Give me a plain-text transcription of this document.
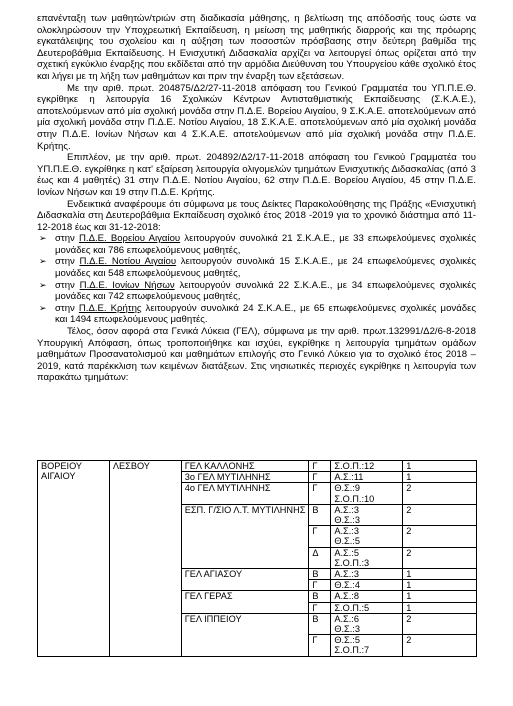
επανένταξη των μαθητών/τριών στη διαδικασία μάθησης, η βελτίωση της απόδοσής τους ώστε να ολοκληρώσουν την Υποχρεωτική Εκπαίδευση, η μείωση της μαθητικής διαρροής και της πρόωρης εγκατάλειψης του σχολείου και η αύξηση των ποσοστών πρόσβασης στην δεύτερη βαθμίδα της Δευτεροβάθμια Εκπαίδευσης. Η Ενισχυτική Διδασκαλία αρχίζει να λειτουργεί όπως ορίζεται από την σχετική εγκύκλιο έναρξης που εκδίδεται από την αρμόδια Διεύθυνση του Υπουργείου κάθε σχολικό έτος και λήγει με τη λήξη των μαθημάτων και πριν την έναρξη των εξετάσεων.

Με την αριθ. πρωτ. 204875/Δ2/27-11-2018 απόφαση του Γενικού Γραμματέα του ΥΠ.Π.Ε.Θ. εγκρίθηκε η λειτουργία 16 Σχολικών Κέντρων Αντισταθμιστικής Εκπαίδευσης (Σ.Κ.Α.Ε.), αποτελούμενων από μία σχολική μονάδα στην Π.Δ.Ε. Βορείου Αιγαίου, 9 Σ.Κ.Α.Ε. αποτελούμενων από μία σχολική μονάδα στην Π.Δ.Ε. Νοτίου Αιγαίου, 18 Σ.Κ.Α.Ε. αποτελούμενων από μία σχολική μονάδα στην Π.Δ.Ε. Ιονίων Νήσων και 4 Σ.Κ.Α.Ε. αποτελούμενων από μία σχολική μονάδα στην Π.Δ.Ε. Κρήτης.

Επιπλέον, με την αριθ. πρωτ. 204892/Δ2/17-11-2018 απόφαση του Γενικού Γραμματέα του ΥΠ.Π.Ε.Θ. εγκρίθηκε η κατ' εξαίρεση λειτουργία ολιγομελών τμημάτων Ενισχυτικής Διδασκαλίας (από 3 έως και 4 μαθητές) 31 στην Π.Δ.Ε. Νοτίου Αιγαίου, 62 στην Π.Δ.Ε. Βορείου Αιγαίου, 45 στην Π.Δ.Ε. Ιονίων Νήσων και 19 στην Π.Δ.Ε. Κρήτης.

Ενδεικτικά αναφέρουμε ότι σύμφωνα με τους Δείκτες Παρακολούθησης της Πράξης «Ενισχυτική Διδασκαλία στη Δευτεροβάθμια Εκπαίδευση σχολικό έτος 2018 -2019 για το χρονικό διάστημα από 11-12-2018 έως και 31-12-2018:

➢ στην Π.Δ.Ε. Βορείου Αιγαίου λειτουργούν συνολικά 21 Σ.Κ.Α.Ε., με 33 επωφελούμενες σχολικές μονάδες και 786 επωφελούμενους μαθητές,
➢ στην Π.Δ.Ε. Νοτίου Αιγαίου λειτουργούν συνολικά 15 Σ.Κ.Α.Ε., με 24 επωφελούμενες σχολικές μονάδες και 548 επωφελούμενους μαθητές,
➢ στην Π.Δ.Ε. Ιονίων Νήσων λειτουργούν συνολικά 22 Σ.Κ.Α.Ε., με 34 επωφελούμενες σχολικές μονάδες και 742 επωφελούμενους μαθητές,
➢ στην Π.Δ.Ε. Κρήτης λειτουργούν συνολικά 24 Σ.Κ.Α.Ε., με 65 επωφελούμενες σχολικές μονάδες και 1494 επωφελούμενους μαθητές.

Τέλος, όσον αφορά στα Γενικά Λύκεια (ΓΕΛ), σύμφωνα με την αριθ. πρωτ.132991/Δ2/6-8-2018 Υπουργική Απόφαση, όπως τροποποιήθηκε και ισχύει, εγκρίθηκε η λειτουργία τμημάτων ομάδων μαθημάτων Προσανατολισμού και μαθημάτων επιλογής στο Γενικό Λύκειο για το σχολικό έτος 2018 – 2019, κατά παρέκκλιση των κειμένων διατάξεων. Στις νησιωτικές περιοχές εγκρίθηκε η λειτουργία των παρακάτω τμημάτων:

ΒΟΡΕΙΟΥ ΑΙΓΑΙΟΥ	ΛΕΣΒΟΥ	ΓΕΛ ΚΑΛΛΟΝΗΣ	Γ	Σ.Ο.Π.:12	1
		3ο ΓΕΛ ΜΥΤΙΛΗΝΗΣ	Γ	Α.Σ.:11	1
		4ο ΓΕΛ ΜΥΤΙΛΗΝΗΣ	Γ	Θ.Σ.:9
Σ.Ο.Π.:10	2
		ΕΣΠ. Γ/ΣΙΟ Λ.Τ. ΜΥΤΙΛΗΝΗΣ	Β	Α.Σ.:3
Θ.Σ.:3	2
			Γ	Α.Σ.:3
Θ.Σ.:5	2
			Δ	Α.Σ.:5
Σ.Ο.Π.:3	2
		ΓΕΛ ΑΓΙΑΣΟΥ	Β	Α.Σ.:3	1
			Γ	Θ.Σ.:4	1
		ΓΕΛ ΓΕΡΑΣ	Β	Α.Σ.:8	1
			Γ	Σ.Ο.Π.:5	1
		ΓΕΛ ΙΠΠΕΙΟΥ	Β	Α.Σ.:6
Θ.Σ.:3	2
			Γ	Θ.Σ.:5
Σ.Ο.Π.:7	2
